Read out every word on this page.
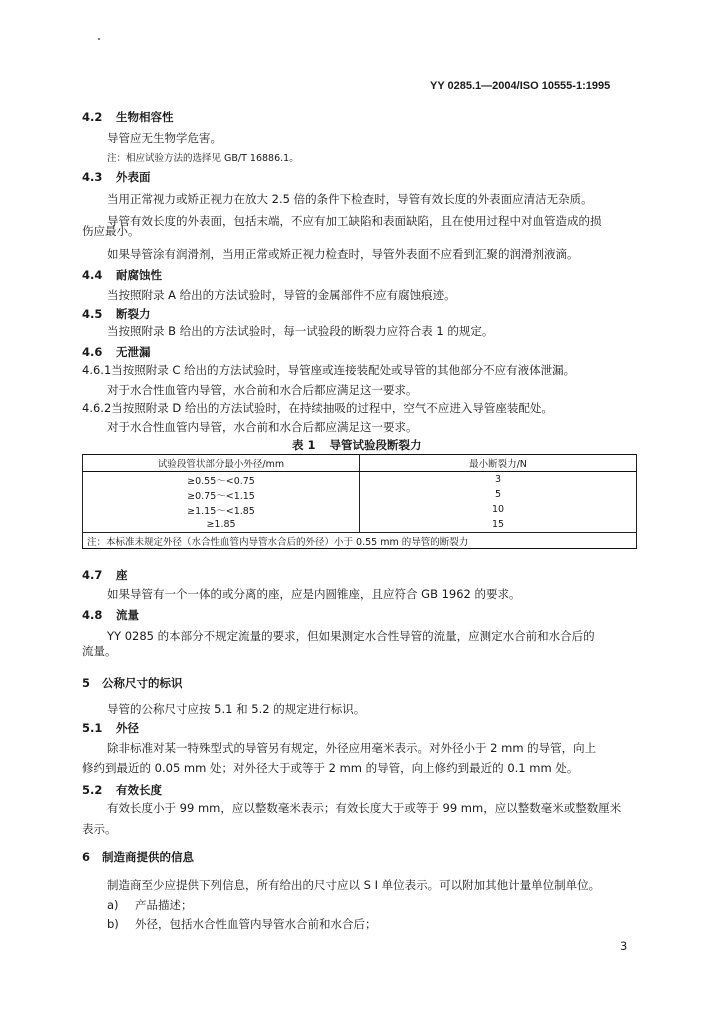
YY 0285.1—2004/ISO 10555-1:1995
4.2 生物相容性
导管应无生物学危害。
注：相应试验方法的选择见 GB/T 16886.1。
4.3 外表面
当用正常视力或矫正视力在放大 2.5 倍的条件下检查时，导管有效长度的外表面应清洁无杂质。
导管有效长度的外表面，包括末端，不应有加工缺陷和表面缺陷，且在使用过程中对血管造成的损
伤应最小。
如果导管涂有润滑剂，当用正常或矫正视力检查时，导管外表面不应看到汇聚的润滑剂液滴。
4.4 耐腐蚀性
当按照附录 A 给出的方法试验时，导管的金属部件不应有腐蚀痕迹。
4.5 断裂力
当按照附录 B 给出的方法试验时，每一试验段的断裂力应符合表 1 的规定。
4.6 无泄漏
4.6.1当按照附录 C 给出的方法试验时，导管座或连接装配处或导管的其他部分不应有液体泄漏。
对于水合性血管内导管，水合前和水合后都应满足这一要求。
4.6.2当按照附录 D 给出的方法试验时，在持续抽吸的过程中，空气不应进入导管座装配处。
对于水合性血管内导管，水合前和水合后都应满足这一要求。
表 1 导管试验段断裂力
试验段管状部分最小外径/mm	最小断裂力/N
≥0.55～<0.75	3
≥0.75～<1.15	5
≥1.15～<1.85	10
≥1.85	15
注：本标准未规定外径（水合性血管内导管水合后的外径）小于 0.55 mm 的导管的断裂力	
4.7 座
如果导管有一个一体的或分离的座，应是内圆锥座，且应符合 GB 1962 的要求。
4.8 流量
YY 0285 的本部分不规定流量的要求，但如果测定水合性导管的流量，应测定水合前和水合后的
流量。
5 公称尺寸的标识
导管的公称尺寸应按 5.1 和 5.2 的规定进行标识。
5.1 外径
除非标准对某一特殊型式的导管另有规定，外径应用毫米表示。对外径小于 2 mm 的导管，向上
修约到最近的 0.05 mm 处；对外径大于或等于 2 mm 的导管，向上修约到最近的 0.1 mm 处。
5.2 有效长度
有效长度小于 99 mm，应以整数毫米表示；有效长度大于或等于 99 mm，应以整数毫米或整数厘米
表示。
6 制造商提供的信息
制造商至少应提供下列信息，所有给出的尺寸应以 S I 单位表示。可以附加其他计量单位制单位。
a) 产品描述；
b) 外径，包括水合性血管内导管水合前和水合后；
3
